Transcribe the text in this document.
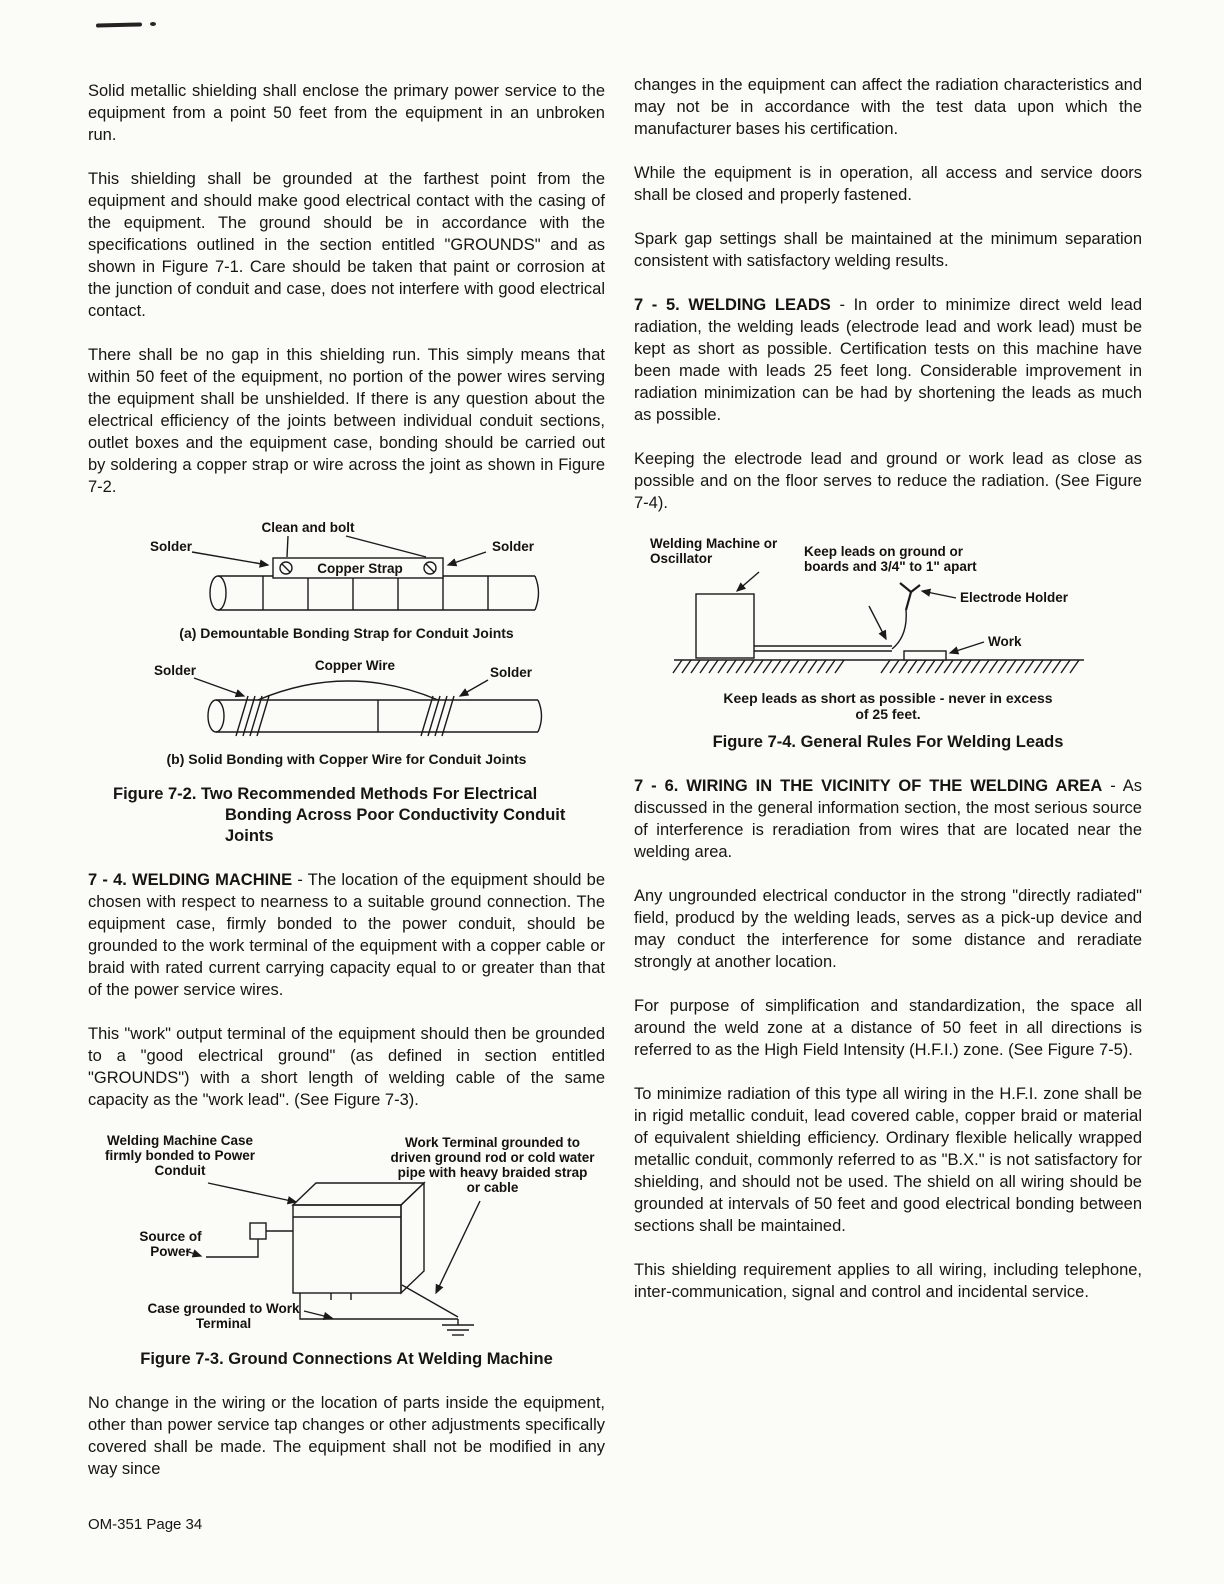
Solid metallic shielding shall enclose the primary power service to the equipment from a point 50 feet from the equipment in an unbroken run.

This shielding shall be grounded at the farthest point from the equipment and should make good electrical contact with the casing of the equipment. The ground should be in accordance with the specifications outlined in the section entitled "GROUNDS" and as shown in Figure 7-1. Care should be taken that paint or corrosion at the junction of conduit and case, does not interfere with good electrical contact.

There shall be no gap in this shielding run. This simply means that within 50 feet of the equipment, no portion of the power wires serving the equipment shall be unshielded. If there is any question about the electrical efficiency of the joints between individual conduit sections, outlet boxes and the equipment case, bonding should be carried out by soldering a copper strap or wire across the joint as shown in Figure 7-2.

Clean and bolt
Solder
Copper Strap
Solder
(a) Demountable Bonding Strap for Conduit Joints
Solder	Copper Wire	Solder
(b) Solid Bonding with Copper Wire for Conduit Joints
Figure 7-2. Two Recommended Methods For Electrical Bonding Across Poor Conductivity Conduit Joints

7 - 4. WELDING MACHINE - The location of the equipment should be chosen with respect to nearness to a suitable ground connection. The equipment case, firmly bonded to the power conduit, should be grounded to the work terminal of the equipment with a copper cable or braid with rated current carrying capacity equal to or greater than that of the power service wires.

This "work" output terminal of the equipment should then be grounded to a "good electrical ground" (as defined in section entitled "GROUNDS") with a short length of welding cable of the same capacity as the "work lead". (See Figure 7-3).

Welding Machine Case firmly bonded to Power Conduit
Work Terminal grounded to driven ground rod or cold water pipe with heavy braided strap or cable
Source of Power
Case grounded to Work Terminal
Figure 7-3. Ground Connections At Welding Machine

No change in the wiring or the location of parts inside the equipment, other than power service tap changes or other adjustments specifically covered shall be made. The equipment shall not be modified in any way since

changes in the equipment can affect the radiation characteristics and may not be in accordance with the test data upon which the manufacturer bases his certification.

While the equipment is in operation, all access and service doors shall be closed and properly fastened.

Spark gap settings shall be maintained at the minimum separation consistent with satisfactory welding results.

7 - 5. WELDING LEADS - In order to minimize direct weld lead radiation, the welding leads (electrode lead and work lead) must be kept as short as possible. Certification tests on this machine have been made with leads 25 feet long. Considerable improvement in radiation minimization can be had by shortening the leads as much as possible.

Keeping the electrode lead and ground or work lead as close as possible and on the floor serves to reduce the radiation. (See Figure 7-4).

Welding Machine or Oscillator	Keep leads on ground or boards and 3/4" to 1" apart
Electrode Holder
Work
Keep leads as short as possible - never in excess of 25 feet.
Figure 7-4. General Rules For Welding Leads

7 - 6. WIRING IN THE VICINITY OF THE WELDING AREA - As discussed in the general information section, the most serious source of interference is reradiation from wires that are located near the welding area.

Any ungrounded electrical conductor in the strong "directly radiated" field, producd by the welding leads, serves as a pick-up device and may conduct the interference for some distance and reradiate strongly at another location.

For purpose of simplification and standardization, the space all around the weld zone at a distance of 50 feet in all directions is referred to as the High Field Intensity (H.F.I.) zone. (See Figure 7-5).

To minimize radiation of this type all wiring in the H.F.I. zone shall be in rigid metallic conduit, lead covered cable, copper braid or material of equivalent shielding efficiency. Ordinary flexible helically wrapped metallic conduit, commonly referred to as "B.X." is not satisfactory for shielding, and should not be used. The shield on all wiring should be grounded at intervals of 50 feet and good electrical bonding between sections shall be maintained.

This shielding requirement applies to all wiring, including telephone, inter-communication, signal and control and incidental service.

OM-351 Page 34
